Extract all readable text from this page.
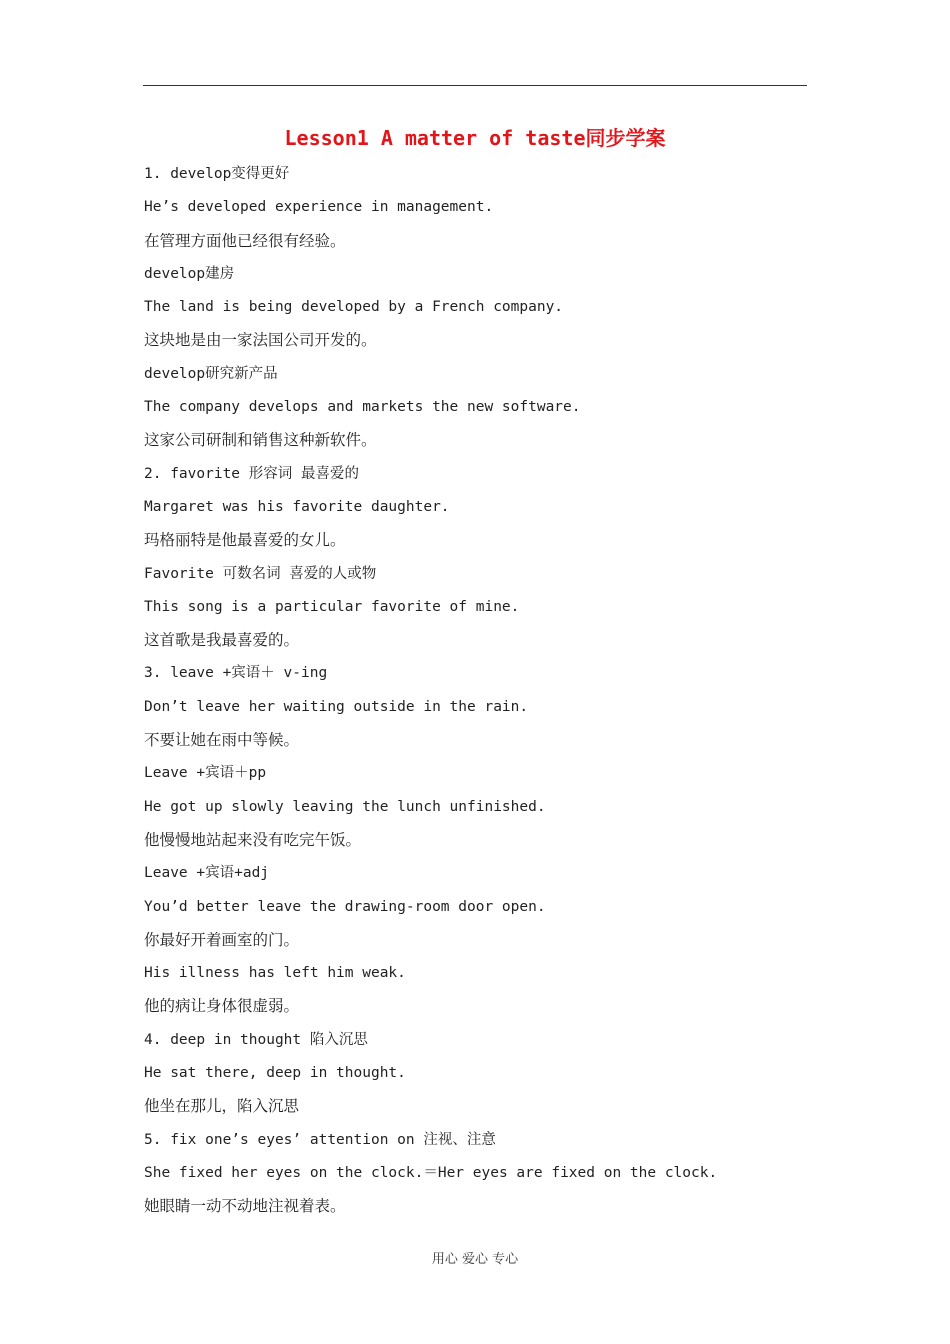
Lesson1 A matter of taste同步学案
1. develop变得更好
He’s developed experience in management.
在管理方面他已经很有经验。
develop建房
The land is being developed by a French company.
这块地是由一家法国公司开发的。
develop研究新产品
The company develops and markets the new software.
这家公司研制和销售这种新软件。
2. favorite 形容词 最喜爱的
Margaret was his favorite daughter.
玛格丽特是他最喜爱的女儿。
Favorite 可数名词 喜爱的人或物
This song is a particular favorite of mine.
这首歌是我最喜爱的。
3. leave +宾语＋ v-ing
Don’t leave her waiting outside in the rain.
不要让她在雨中等候。
Leave +宾语＋pp
He got up slowly leaving the lunch unfinished.
他慢慢地站起来没有吃完午饭。
Leave +宾语+adj
You’d better leave the drawing-room door open.
你最好开着画室的门。
His illness has left him weak.
他的病让身体很虚弱。
4. deep in thought 陷入沉思
He sat there, deep in thought.
他坐在那儿，陷入沉思
5. fix one’s eyes’ attention on 注视、注意
She fixed her eyes on the clock.＝Her eyes are fixed on the clock.
她眼睛一动不动地注视着表。
用心 爱心 专心
